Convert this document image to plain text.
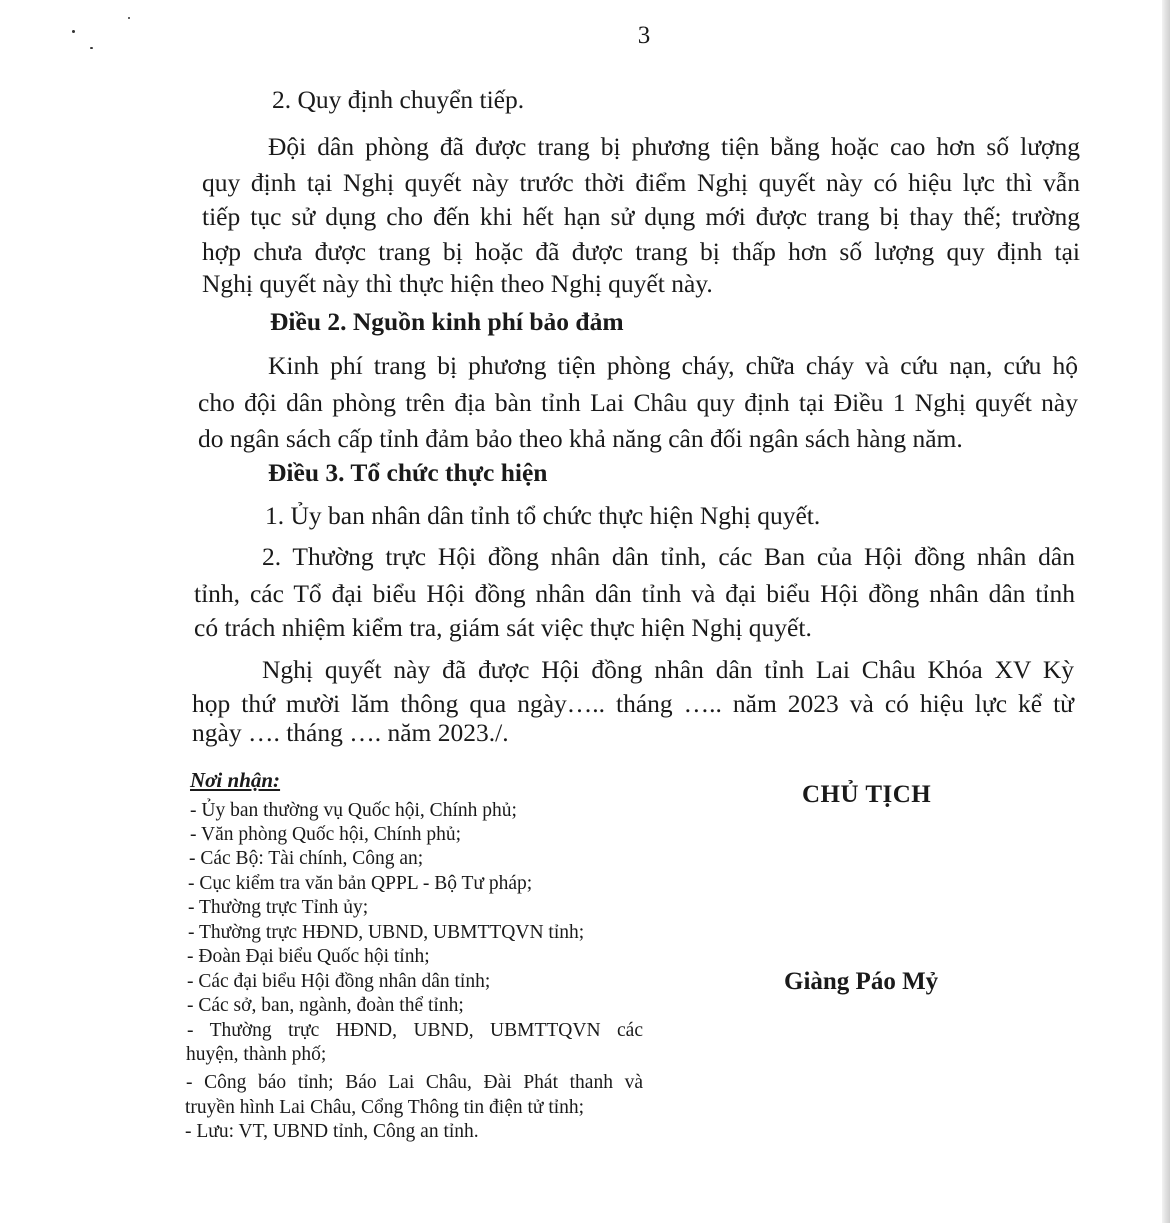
3
2. Quy định chuyển tiếp.
Đội dân phòng đã được trang bị phương tiện bằng hoặc cao hơn số lượng
quy định tại Nghị quyết này trước thời điểm Nghị quyết này có hiệu lực thì vẫn
tiếp tục sử dụng cho đến khi hết hạn sử dụng mới được trang bị thay thế; trường
hợp chưa được trang bị hoặc đã được trang bị thấp hơn số lượng quy định tại
Nghị quyết này thì thực hiện theo Nghị quyết này.
Điều 2. Nguồn kinh phí bảo đảm
Kinh phí trang bị phương tiện phòng cháy, chữa cháy và cứu nạn, cứu hộ
cho đội dân phòng trên địa bàn tỉnh Lai Châu quy định tại Điều 1 Nghị quyết này
do ngân sách cấp tỉnh đảm bảo theo khả năng cân đối ngân sách hàng năm.
Điều 3. Tổ chức thực hiện
1. Ủy ban nhân dân tỉnh tổ chức thực hiện Nghị quyết.
2. Thường trực Hội đồng nhân dân tỉnh, các Ban của Hội đồng nhân dân
tỉnh, các Tổ đại biểu Hội đồng nhân dân tỉnh và đại biểu Hội đồng nhân dân tỉnh
có trách nhiệm kiểm tra, giám sát việc thực hiện Nghị quyết.
Nghị quyết này đã được Hội đồng nhân dân tỉnh Lai Châu Khóa XV Kỳ
họp thứ mười lăm thông qua ngày….. tháng ….. năm 2023 và có hiệu lực kể từ
ngày …. tháng …. năm 2023./.
Nơi nhận:
- Ủy ban thường vụ Quốc hội, Chính phủ;
- Văn phòng Quốc hội, Chính phủ;
- Các Bộ: Tài chính, Công an;
- Cục kiểm tra văn bản QPPL - Bộ Tư pháp;
- Thường trực Tỉnh ủy;
- Thường trực HĐND, UBND, UBMTTQVN tỉnh;
- Đoàn Đại biểu Quốc hội tỉnh;
- Các đại biểu Hội đồng nhân dân tỉnh;
- Các sở, ban, ngành, đoàn thể tỉnh;
- Thường trực HĐND, UBND, UBMTTQVN các
huyện, thành phố;
- Công báo tỉnh; Báo Lai Châu, Đài Phát thanh và
truyền hình Lai Châu, Cổng Thông tin điện tử tỉnh;
- Lưu: VT, UBND tỉnh, Công an tỉnh.
CHỦ TỊCH
Giàng Páo Mỷ
